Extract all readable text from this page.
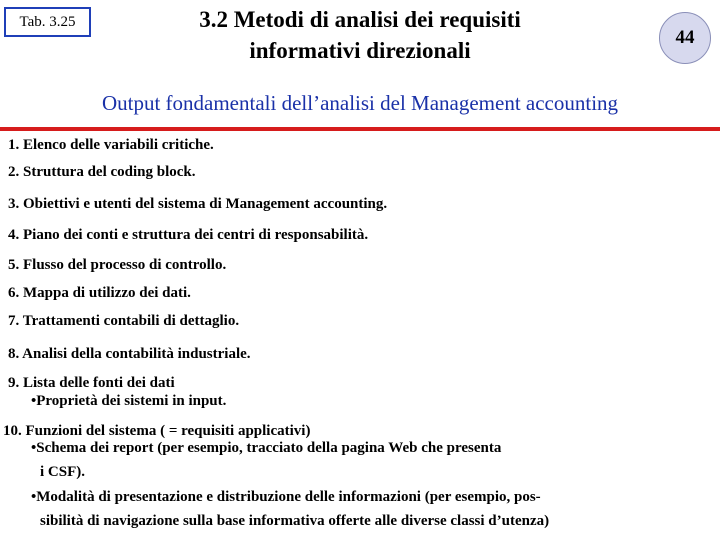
Tab. 3.25	3.2 Metodi di analisi dei requisiti
informativi direzionali
44
Output fondamentali dell’analisi del Management accounting
1. Elenco delle variabili critiche.
2. Struttura del coding block.
3. Obiettivi e utenti del sistema di Management accounting.
4. Piano dei conti e struttura dei centri di responsabilità.
5. Flusso del processo di controllo.
6. Mappa di utilizzo dei dati.
7. Trattamenti contabili di dettaglio.
8. Analisi della contabilità industriale.
9. Lista delle fonti dei dati
•Proprietà dei sistemi in input.
10. Funzioni del sistema ( = requisiti applicativi)
•Schema dei report (per esempio, tracciato della pagina Web che presenta
i CSF).
•Modalità di presentazione e distribuzione delle informazioni (per esempio, pos-
sibilità di navigazione sulla base informativa offerte alle diverse classi d’utenza)
